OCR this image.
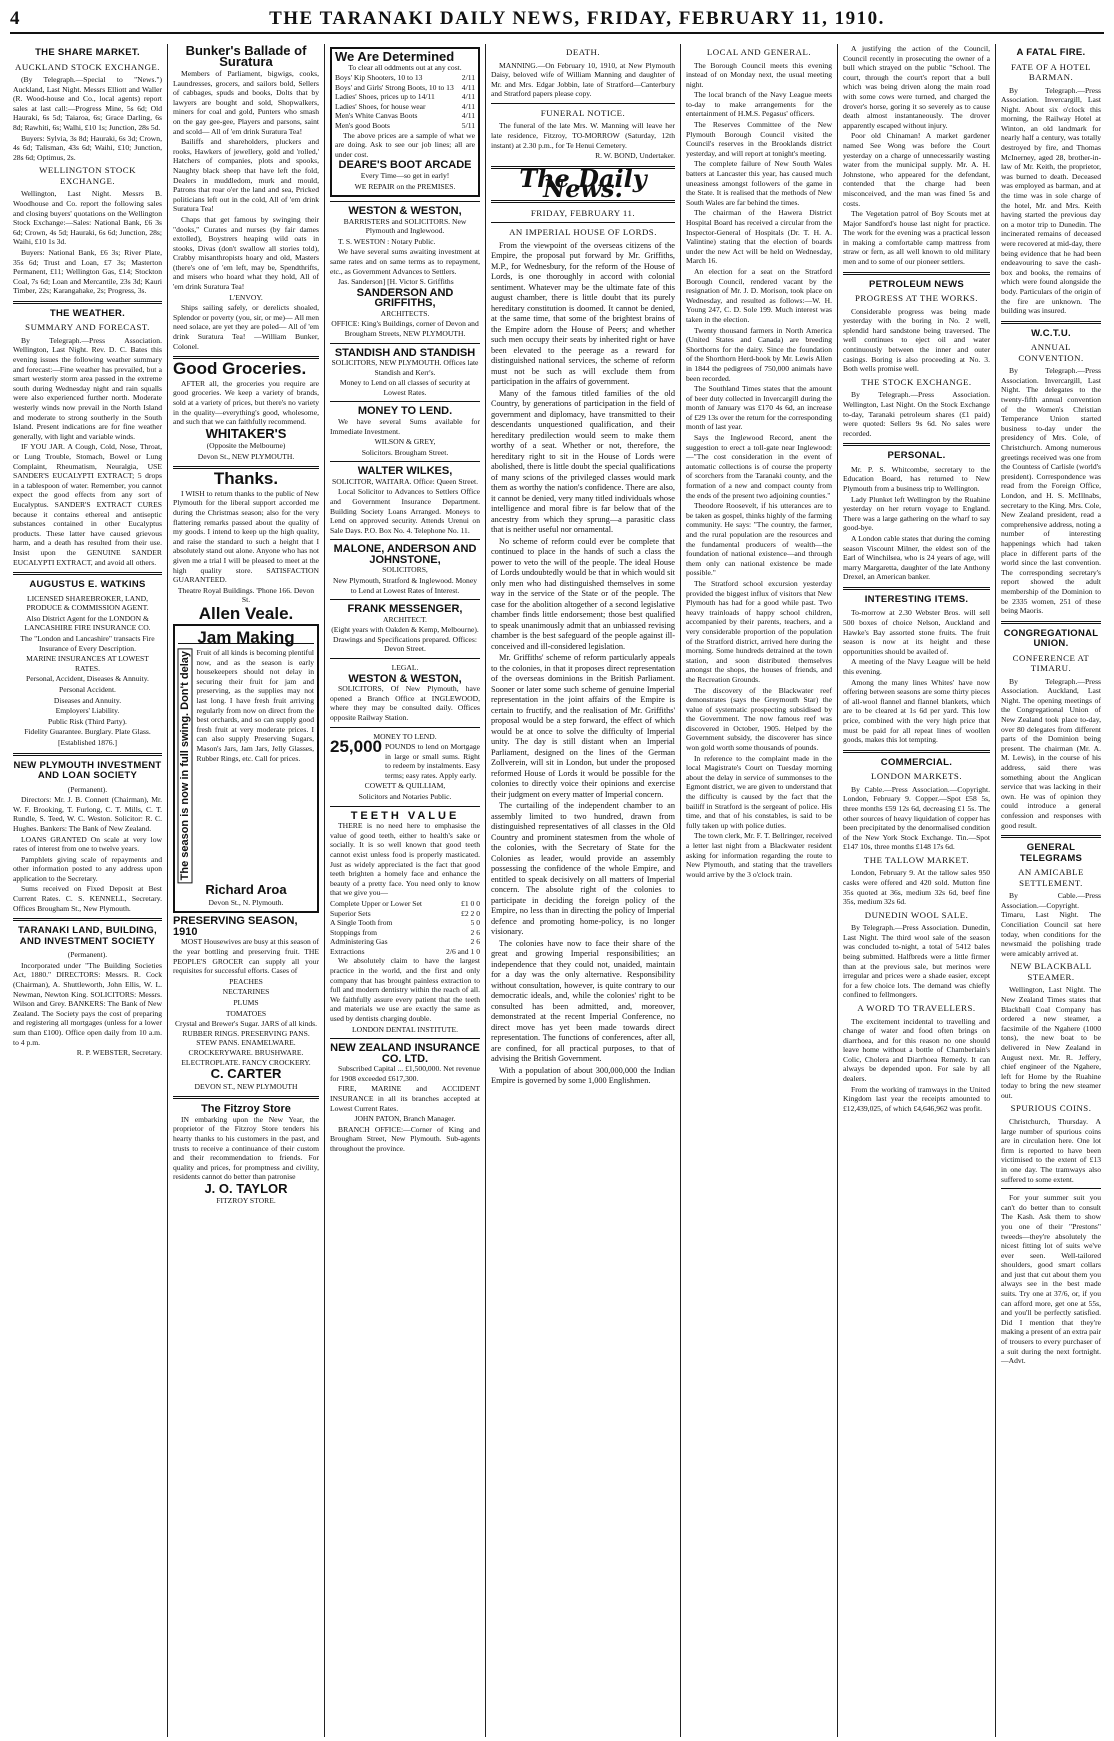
4	THE TARANAKI DAILY NEWS, FRIDAY, FEBRUARY 11, 1910.
THE SHARE MARKET.
AUCKLAND STOCK EXCHANGE.

(By Telegraph.—Special to "News.") Auckland, Last Night. Messrs Elliott and Waller (R. Wood-house and Co., local agents) report sales at last call:—Progress Mine, 5s 6d; Old Hauraki, 6s 5d; Taiaroa, 6s; Grace Darling, 6s 8d; Rawhiti, 6s; Walhi, £10 1s; Junction, 28s 5d.

Buyers: Sylvia, 3s 8d; Hauraki, 6s 3d; Crown, 4s 6d; Talisman, 43s 6d; Waihi, £10; Junction, 28s 6d; Optimus, 2s.

WELLINGTON STOCK EXCHANGE.

Wellington, Last Night. Messrs B. Woodhouse and Co. report the following sales and closing buyers' quotations on the Wellington Stock Exchange:—Sales: National Bank, £6 3s 6d; Crown, 4s 5d; Hauraki, 6s 6d; Junction, 28s; Waihi, £10 1s 3d.

Buyers: National Bank, £6 3s; River Plate, 35s 6d; Trust and Loan, £7 3s; Masterton Permanent, £11; Wellington Gas, £14; Stockton Coal, 7s 6d; Loan and Mercantile, 23s 3d; Kauri Timber, 22s; Karangahake, 2s; Progress, 3s.

THE WEATHER.
SUMMARY AND FORECAST.

By Telegraph.—Press Association. Wellington, Last Night. Rev. D. C. Bates this evening issues the following weather summary and forecast:—Fine weather has prevailed, but a smart westerly storm area passed in the extreme south during Wednesday night and rain squalls were also experienced further north. Moderate westerly winds now prevail in the North Island and moderate to strong southerly in the South Island. Present indications are for fine weather generally, with light and variable winds.

IF YOU JAR. A Cough, Cold, Nose, Throat, or Lung Trouble, Stomach, Bowel or Lung Complaint, Rheumatism, Neuralgia, USE SANDER'S EUCALYPTI EXTRACT; 5 drops in a tablespoon of water. Remember, you cannot expect the good effects from any sort of Eucalyptus. SANDER'S EXTRACT CURES because it contains ethereal and antiseptic substances contained in other Eucalyptus products. These latter have caused grievous harm, and a death has resulted from their use. Insist upon the GENUINE SANDER EUCALYPTI EXTRACT, and avoid all others.

AUGUSTUS E. WATKINS

LICENSED SHAREBROKER, LAND, PRODUCE & COMMISSION AGENT.

Also District Agent for the LONDON & LANCASHIRE FIRE INSURANCE CO.

The "London and Lancashire" transacts Fire Insurance of Every Description.

MARINE INSURANCES AT LOWEST RATES.

Personal, Accident, Diseases & Annuity.

Personal Accident.

Diseases and Annuity.

Employers' Liability.

Public Risk (Third Party).

Fidelity Guarantee. Burglary. Plate Glass.

[Established 1876.]

NEW PLYMOUTH INVESTMENT AND LOAN SOCIETY

(Permanent).

Directors: Mr. J. B. Connett (Chairman), Mr. W. F. Brooking, T. Furlong, C. T. Mills, C. T. Rundle, S. Teed, W. C. Weston. Solicitor: R. C. Hughes. Bankers: The Bank of New Zealand.

LOANS GRANTED On scale at very low rates of interest from one to twelve years.

Pamphlets giving scale of repayments and other information posted to any address upon application to the Secretary.

Sums received on Fixed Deposit at Best Current Rates. C. S. KENNELL, Secretary. Offices Brougham St., New Plymouth.

TARANAKI LAND, BUILDING, AND INVESTMENT SOCIETY

(Permanent).

Incorporated under "The Building Societies Act, 1880." DIRECTORS: Messrs. R. Cock (Chairman), A. Shuttleworth, John Ellis, W. L. Newman, Newton King. SOLICITORS: Messrs. Wilson and Grey. BANKERS: The Bank of New Zealand. The Society pays the cost of preparing and registering all mortgages (unless for a lower sum than £100). Office open daily from 10 a.m. to 4 p.m.

R. P. WEBSTER, Secretary.

Bunker's Ballade of Suratura

Members of Parliament, bigwigs, cooks, Laundresses, grocers, and sailors bold, Sellers of cabbages, spuds and books, Dolts that by lawyers are bought and sold, Shopwalkers, miners for coal and gold, Punters who smash on the gay gee-gee, Players and parsons, saint and scold— All of 'em drink Suratura Tea!

Bailiffs and shareholders, pluckers and rooks, Hawkers of jewellery, gold and 'rolled,' Hatchers of companies, plots and spooks, Naughty black sheep that have left the fold, Dealers in muddledom, murk and mould, Patrons that roar o'er the land and sea, Pricked politicians left out in the cold, All of 'em drink Suratura Tea!

Chaps that get famous by swinging their "dooks," Curates and nurses (by fair dames extolled), Boystrers heaping wild oats in stooks, Divas (don't swallow all stories told), Crabby misanthropists hoary and old, Masters (there's one of 'em left, may be, Spendthrifts, and misers who hoard what they hold, All of 'em drink Suratura Tea!

L'ENVOY.

Ships sailing safely, or derelicts shoaled, Splendor or poverty (you, sir, or me)— All men need solace, are yet they are poled— All of 'em drink Suratura Tea! —William Bunker, Colonel.

Good Groceries.

AFTER all, the groceries you require are good groceries. We keep a variety of brands, sold at a variety of prices, but there's no variety in the quality—everything's good, wholesome, and such that we can faithfully recommend.

WHITAKER'S

(Opposite the Melbourne)

Devon St., NEW PLYMOUTH.

Thanks.

I WISH to return thanks to the public of New Plymouth for the liberal support accorded me during the Christmas season; also for the very flattering remarks passed about the quality of my goods. I intend to keep up the high quality, and raise the standard to such a height that I absolutely stand out alone. Anyone who has not given me a trial I will be pleased to meet at the high quality store. SATISFACTION GUARANTEED.

Theatre Royal Buildings. 'Phone 166. Devon St.

Allen Veale.
Jam Making
The season is now in full swing. Don't delay Fruit of all kinds is becoming plentiful now, and as the season is early housekeepers should not delay in securing their fruit for jam and preserving, as the supplies may not last long. I have fresh fruit arriving regularly from now on direct from the best orchards, and so can supply good fresh fruit at very moderate prices. I can also supply Preserving Sugars, Mason's Jars, Jam Jars, Jelly Glasses, Rubber Rings, etc. Call for prices.

Richard Aroa

Devon St., N. Plymouth.

PRESERVING SEASON, 1910

MOST Housewives are busy at this season of the year bottling and preserving fruit. THE PEOPLE'S GROCER can supply all your requisites for successful efforts. Cases of

PEACHES

NECTARINES

PLUMS

TOMATOES

Crystal and Brewer's Sugar. JARS of all kinds. RUBBER RINGS. PRESERVING PANS. STEW PANS. ENAMELWARE. CROCKERYWARE. BRUSHWARE. ELECTROPLATE. FANCY CROCKERY.

C. CARTER

DEVON ST., NEW PLYMOUTH

The Fitzroy Store

IN embarking upon the New Year, the proprietor of the Fitzroy Store tenders his hearty thanks to his customers in the past, and trusts to receive a continuance of their custom and their recommendation to friends. For quality and prices, for promptness and civility, residents cannot do better than patronise

J. O. TAYLOR

FITZROY STORE.

We Are Determined

To clear all oddments out at any cost.

Boys' Kip Shooters, 10 to 13	2/11
Boys' and Girls' Strong Boots, 10 to 13 4/11
Ladies' Shoes, prices up to 14/11	4/11
Ladies' Shoes, for house wear	4/11
Men's White Canvas Boots	4/11
Men's good Boots	5/11

The above prices are a sample of what we are doing. Ask to see our job lines; all are under cost.

DEARE'S BOOT ARCADE

Every Time—so get in early!

WE REPAIR on the PREMISES.

WESTON & WESTON,

BARRISTERS and SOLICITORS. New Plymouth and Inglewood.

T. S. WESTON : Notary Public.

We have several sums awaiting investment at same rates and on same terms as to repayment, etc., as Government Advances to Settlers.

Jas. Sanderson] [H. Victor S. Griffiths

SANDERSON AND GRIFFITHS,

ARCHITECTS.

OFFICE: King's Buildings, corner of Devon and Brougham Streets, NEW PLYMOUTH.

STANDISH AND STANDISH

SOLICITORS, NEW PLYMOUTH. Offices late Standish and Kerr's.

Money to Lend on all classes of security at Lowest Rates.

MONEY TO LEND.

We have several Sums available for Immediate Investment.

WILSON & GREY,

Solicitors. Brougham Street.

WALTER WILKES,

SOLICITOR, WAITARA. Office: Queen Street.

Local Solicitor to Advances to Settlers Office and Government Insurance Department. Building Society Loans Arranged. Moneys to Lend on approved security. Attends Urenui on Sale Days. P.O. Box No. 4. Telephone No. 11.

MALONE, ANDERSON AND JOHNSTONE,

SOLICITORS,

New Plymouth, Stratford & Inglewood. Money to Lend at Lowest Rates of Interest.

FRANK MESSENGER,

ARCHITECT.

(Eight years with Oakden & Kemp, Melbourne). Drawings and Specifications prepared. Offices: Devon Street.

LEGAL.

WESTON & WESTON,

SOLICITORS, Of New Plymouth, have opened a Branch Office at INGLEWOOD, where they may be consulted daily. Offices opposite Railway Station.

MONEY TO LEND.

25,000 POUNDS to lend on Mortgage in large or small sums. Right to redeem by instalments. Easy terms; easy rates. Apply early.

COWETT & QUILLIAM,

Solicitors and Notaries Public.

TEETH VALUE

THERE is no need here to emphasise the value of good teeth, either to health's sake or socially. It is so well known that good teeth cannot exist unless food is properly masticated. Just as widely appreciated is the fact that good teeth brighten a homely face and enhance the beauty of a pretty face. You need only to know that we give you—

Complete Upper or Lower Set	£1 0 0
Superior Sets	£2 2 0
A Single Tooth from	5 0
Stoppings from	2 6
Administering Gas	2 6
Extractions	2/6 and 1 0

We absolutely claim to have the largest practice in the world, and the first and only company that has brought painless extraction to full and modern dentistry within the reach of all. We faithfully assure every patient that the teeth and materials we use are exactly the same as used by dentists charging double.

LONDON DENTAL INSTITUTE.

NEW ZEALAND INSURANCE CO. LTD.

Subscribed Capital ... £1,500,000. Net revenue for 1908 exceeded £617,300.

FIRE, MARINE and ACCIDENT INSURANCE in all its branches accepted at Lowest Current Rates.

JOHN PATON, Branch Manager.

BRANCH OFFICE:—Corner of King and Brougham Street, New Plymouth. Sub-agents throughout the province.

DEATH.

MANNING.—On February 10, 1910, at New Plymouth Daisy, beloved wife of William Manning and daughter of Mr. and Mrs. Edgar Jobbin, late of Stratford—Canterbury and Stratford papers please copy.

FUNERAL NOTICE.

The funeral of the late Mrs. W. Manning will leave her late residence, Fitzroy, TO-MORROW (Saturday, 12th instant) at 2.30 p.m., for Te Henui Cemetery.

R. W. BOND, Undertaker.

The Daily News.
FRIDAY, FEBRUARY 11.
AN IMPERIAL HOUSE OF LORDS.

From the viewpoint of the overseas citizens of the Empire, the proposal put forward by Mr. Griffiths, M.P., for Wednesbury, for the reform of the House of Lords, is one thoroughly in accord with colonial sentiment. Whatever may be the ultimate fate of this august chamber, there is little doubt that its purely hereditary constitution is doomed. It cannot be denied, at the same time, that some of the brightest brains of the Empire adorn the House of Peers; and whether such men occupy their seats by inherited right or have been elevated to the peerage as a reward for distinguished national services, the scheme of reform must not be such as will exclude them from participation in the affairs of government.

Many of the famous titled families of the old Country, by generations of participation in the field of government and diplomacy, have transmitted to their descendants unquestioned qualification, and their hereditary predilection would seem to make them worthy of a seat. Whether or not, therefore, the hereditary right to sit in the House of Lords were abolished, there is little doubt the special qualifications of many scions of the privileged classes would mark them as worthy the nation's confidence. There are also, it cannot be denied, very many titled individuals whose intelligence and moral fibre is far below that of the ancestry from which they sprung—a parasitic class that is neither useful nor ornamental.

No scheme of reform could ever be complete that continued to place in the hands of such a class the power to veto the will of the people. The ideal House of Lords undoubtedly would be that in which would sit only men who had distinguished themselves in some way in the service of the State or of the people. The case for the abolition altogether of a second legislative chamber finds little endorsement; those best qualified to speak unanimously admit that an unbiassed revising chamber is the best safeguard of the people against ill-conceived and ill-considered legislation.

Mr. Griffiths' scheme of reform particularly appeals to the colonies, in that it proposes direct representation of the overseas dominions in the British Parliament. Sooner or later some such scheme of genuine Imperial representation in the joint affairs of the Empire is certain to fructify, and the realisation of Mr. Griffiths' proposal would be a step forward, the effect of which would be at once to solve the difficulty of Imperial unity. The day is still distant when an Imperial Parliament, designed on the lines of the German Zollverein, will sit in London, but under the proposed reformed House of Lords it would be possible for the colonies to directly voice their opinions and exercise their judgment on every matter of Imperial concern.

The curtailing of the independent chamber to an assembly limited to two hundred, drawn from distinguished representatives of all classes in the Old Country and prominent statesmen from the whole of the colonies, with the Secretary of State for the Colonies as leader, would provide an assembly possessing the confidence of the whole Empire, and entitled to speak decisively on all matters of Imperial concern. The absolute right of the colonies to participate in deciding the foreign policy of the Empire, no less than in directing the policy of Imperial defence and promoting home-policy, is no longer visionary.

The colonies have now to face their share of the great and growing Imperial responsibilities; an independence that they could not, unaided, maintain for a day was the only alternative. Responsibility without consultation, however, is quite contrary to our democratic ideals, and, while the colonies' right to be consulted has been admitted, and, moreover, demonstrated at the recent Imperial Conference, no direct move has yet been made towards direct representation. The functions of conferences, after all, are confined, for all practical purposes, to that of advising the British Government.

With a population of about 300,000,000 the Indian Empire is governed by some 1,000 Englishmen.

LOCAL AND GENERAL.

The Borough Council meets this evening instead of on Monday next, the usual meeting night.

The local branch of the Navy League meets to-day to make arrangements for the entertainment of H.M.S. Pegasus' officers.

The Reserves Committee of the New Plymouth Borough Council visited the Council's reserves in the Brooklands district yesterday, and will report at tonight's meeting.

The complete failure of New South Wales batters at Lancaster this year, has caused much uneasiness amongst followers of the game in the State. It is realised that the methods of New South Wales are far behind the times.

The chairman of the Hawera District Hospital Board has received a circular from the Inspector-General of Hospitals (Dr. T. H. A. Valintine) stating that the election of boards under the new Act will be held on Wednesday, March 16.

An election for a seat on the Stratford Borough Council, rendered vacant by the resignation of Mr. J. D. Morison, took place on Wednesday, and resulted as follows:—W. H. Young 247, C. D. Sole 199. Much interest was taken in the election.

Twenty thousand farmers in North America (United States and Canada) are breeding Shorthorns for the dairy. Since the foundation of the Shorthorn Herd-book by Mr. Lewis Allen in 1844 the pedigrees of 750,000 animals have been recorded.

The Southland Times states that the amount of beer duty collected in Invercargill during the month of January was £170 4s 6d, an increase of £29 13s over the return for the corresponding month of last year.

Says the Inglewood Record, anent the suggestion to erect a toll-gate near Inglewood:—"The cost consideration in the event of automatic collections is of course the property of scorchers from the Taranaki county, and the formation of a new and compact county from the ends of the present two adjoining counties."

Theodore Roosevelt, if his utterances are to be taken as gospel, thinks highly of the farming community. He says: "The country, the farmer, and the rural population are the resources and the fundamental producers of wealth—the foundation of national existence—and through them only can national existence be made possible."

The Stratford school excursion yesterday provided the biggest influx of visitors that New Plymouth has had for a good while past. Two heavy trainloads of happy school children, accompanied by their parents, teachers, and a very considerable proportion of the population of the Stratford district, arrived here during the morning. Some hundreds detrained at the town station, and soon distributed themselves amongst the shops, the houses of friends, and the Recreation Grounds.

The discovery of the Blackwater reef demonstrates (says the Greymouth Star) the value of systematic prospecting subsidised by the Government. The now famous reef was discovered in October, 1905. Helped by the Government subsidy, the discoverer has since won gold worth some thousands of pounds.

In reference to the complaint made in the local Magistrate's Court on Tuesday morning about the delay in service of summonses to the Egmont district, we are given to understand that the difficulty is caused by the fact that the bailiff in Stratford is the sergeant of police. His time, and that of his constables, is said to be fully taken up with police duties.

The town clerk, Mr. F. T. Bellringer, received a letter last night from a Blackwater resident asking for information regarding the route to New Plymouth, and stating that the travellers would arrive by the 3 o'clock train.

A justifying the action of the Council, Council recently in prosecuting the owner of a bull which strayed on the public "School. The court, through the court's report that a bull which was being driven along the main road with some cows were turned, and charged the drover's horse, goring it so severely as to cause death almost instantaneously. The drover apparently escaped without injury.

Poor old Chinaman! A market gardener named See Wong was before the Court yesterday on a charge of unnecessarily wasting water from the municipal supply. Mr. A. H. Johnstone, who appeared for the defendant, contended that the charge had been misconceived, and the man was fined 5s and costs.

The Vegetation patrol of Boy Scouts met at Major Sandford's house last night for practice. The work for the evening was a practical lesson in making a comfortable camp mattress from straw or fern, as all well known to old military men and to some of our pioneer settlers.

PETROLEUM NEWS
PROGRESS AT THE WORKS.

Considerable progress was being made yesterday with the boring in No. 2 well, splendid hard sandstone being traversed. The well continues to eject oil and water continuously between the inner and outer casings. Boring is also proceeding at No. 3. Both wells promise well.

THE STOCK EXCHANGE.

By Telegraph.—Press Association. Wellington, Last Night. On the Stock Exchange to-day, Taranaki petroleum shares (£1 paid) were quoted: Sellers 9s 6d. No sales were recorded.

PERSONAL.

Mr. P. S. Whitcombe, secretary to the Education Board, has returned to New Plymouth from a business trip to Wellington.

Lady Plunket left Wellington by the Ruahine yesterday on her return voyage to England. There was a large gathering on the wharf to say good-bye.

A London cable states that during the coming season Viscount Milner, the eldest son of the Earl of Winchilsea, who is 24 years of age, will marry Margaretta, daughter of the late Anthony Drexel, an American banker.

INTERESTING ITEMS.

To-morrow at 2.30 Webster Bros. will sell 500 boxes of choice Nelson, Auckland and Hawke's Bay assorted stone fruits. The fruit season is now at its height and these opportunities should be availed of.

A meeting of the Navy League will be held this evening.

Among the many lines Whites' have now offering between seasons are some thirty pieces of all-wool flannel and flannel blankets, which are to be cleared at 1s 6d per yard. This low price, combined with the very high price that must be paid for all repeat lines of woollen goods, makes this lot tempting.

COMMERCIAL.
LONDON MARKETS.

By Cable.—Press Association.—Copyright. London, February 9. Copper.—Spot £58 5s, three months £59 12s 6d, decreasing £1 5s. The other sources of heavy liquidation of copper has been precipitated by the denormalised condition of the New York Stock Exchange. Tin.—Spot £147 10s, three months £148 17s 6d.

THE TALLOW MARKET.

London, February 9. At the tallow sales 950 casks were offered and 420 sold. Mutton fine 35s quoted at 36s, medium 32s 6d, beef fine 35s, medium 32s 6d.

DUNEDIN WOOL SALE.

By Telegraph.—Press Association. Dunedin, Last Night. The third wool sale of the season was concluded to-night, a total of 5412 bales being submitted. Halfbreds were a little firmer than at the previous sale, but merinos were irregular and prices were a shade easier, except for a few choice lots. The demand was chiefly confined to fellmongers.

A WORD TO TRAVELLERS.

The excitement incidental to travelling and change of water and food often brings on diarrhoea, and for this reason no one should leave home without a bottle of Chamberlain's Colic, Cholera and Diarrhoea Remedy. It can always be depended upon. For sale by all dealers.

From the working of tramways in the United Kingdom last year the receipts amounted to £12,439,025, of which £4,646,962 was profit.

A FATAL FIRE.
FATE OF A HOTEL BARMAN.

By Telegraph.—Press Association. Invercargill, Last Night. About six o'clock this morning, the Railway Hotel at Winton, an old landmark for nearly half a century, was totally destroyed by fire, and Thomas McInerney, aged 28, brother-in-law of Mr. Keith, the proprietor, was burned to death. Deceased was employed as barman, and at the time was in sole charge of the hotel, Mr. and Mrs. Keith having started the previous day on a motor trip to Dunedin. The incinerated remains of deceased were recovered at mid-day, there being evidence that he had been endeavouring to save the cash-box and books, the remains of which were found alongside the body. Particulars of the origin of the fire are unknown. The building was insured.

W.C.T.U.
ANNUAL CONVENTION.

By Telegraph.—Press Association. Invercargill, Last Night. The delegates to the twenty-fifth annual convention of the Women's Christian Temperance Union started business to-day under the presidency of Mrs. Cole, of Christchurch. Among numerous greetings received was one from the Countess of Carlisle (world's president). Correspondence was read from the Foreign Office, London, and H. S. McIllnabs, secretary to the King. Mrs. Cole, New Zealand president, read a comprehensive address, noting a number of interesting happenings which had taken place in different parts of the world since the last convention. The corresponding secretary's report showed the adult membership of the Dominion to be 2335 women, 251 of these being Maoris.

CONGREGATIONAL UNION.
CONFERENCE AT TIMARU.

By Telegraph.—Press Association. Auckland, Last Night. The opening meetings of the Congregational Union of New Zealand took place to-day, over 80 delegates from different parts of the Dominion being present. The chairman (Mr. A. M. Lewis), in the course of his address, said there was something about the Anglican service that was lacking in their own. He was of opinion they could introduce a general confession and responses with good result.

GENERAL TELEGRAMS
AN AMICABLE SETTLEMENT.

By Cable.—Press Association.—Copyright. Timaru, Last Night. The Conciliation Council sat here today, when conditions for the newsmaid the polishing trade were amicably arrived at.

NEW BLACKBALL STEAMER.

Wellington, Last Night. The New Zealand Times states that Blackball Coal Company has ordered a new steamer, a facsimile of the Ngahere (1000 tons), the new boat to be delivered in New Zealand in August next. Mr. R. Jeffery, chief engineer of the Ngahere, left for Home by the Ruahine today to bring the new steamer out.

SPURIOUS COINS.

Christchurch, Thursday. A large number of spurious coins are in circulation here. One lot firm is reported to have been victimised to the extent of £13 in one day. The tramways also suffered to some extent.

For your summer suit you can't do better than to consult The Kash. Ask them to show you one of their "Prestons" tweeds—they're absolutely the nicest fitting lot of suits we've ever seen. Well-tailored shoulders, good smart collars and just that cut about them you always see in the best made suits. Try one at 37/6, or, if you can afford more, get one at 55s, and you'll be perfectly satisfied. Did I mention that they're making a present of an extra pair of trousers to every purchaser of a suit during the next fortnight.—Advt.
